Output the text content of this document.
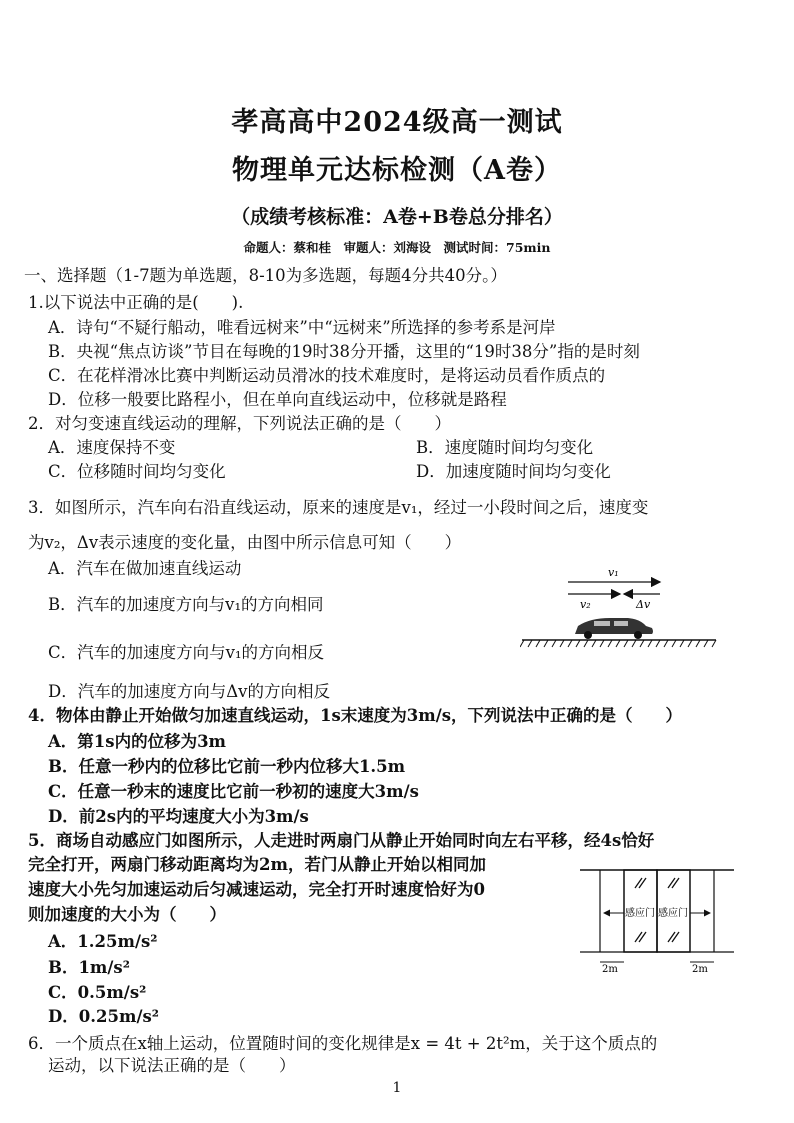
孝高高中2024级高一测试
物理单元达标检测（A卷）
（成绩考核标准：A卷+B卷总分排名）
命题人：蔡和桂　审题人：刘海设　测试时间：75min
一、选择题（1-7题为单选题，8-10为多选题，每题4分共40分。）
1.以下说法中正确的是(　　).
A．诗句“不疑行船动，唯看远树来”中“远树来”所选择的参考系是河岸
B．央视“焦点访谈”节目在每晚的19时38分开播，这里的“19时38分”指的是时刻
C．在花样滑冰比赛中判断运动员滑冰的技术难度时，是将运动员看作质点的
D．位移一般要比路程小，但在单向直线运动中，位移就是路程
2．对匀变速直线运动的理解，下列说法正确的是（　　）
A．速度保持不变	B．速度随时间均匀变化
C．位移随时间均匀变化	D．加速度随时间均匀变化
3．如图所示，汽车向右沿直线运动，原来的速度是v₁，经过一小段时间之后，速度变
为v₂，Δv表示速度的变化量，由图中所示信息可知（　　）
A．汽车在做加速直线运动
B．汽车的加速度方向与v₁的方向相同
C．汽车的加速度方向与v₁的方向相反
D．汽车的加速度方向与Δv的方向相反
v₁
v₂	Δv
4．物体由静止开始做匀加速直线运动，1s末速度为3m/s，下列说法中正确的是（　　）
A．第1s内的位移为3m
B．任意一秒内的位移比它前一秒内位移大1.5m
C．任意一秒末的速度比它前一秒初的速度大3m/s
D．前2s内的平均速度大小为3m/s
5．商场自动感应门如图所示，人走进时两扇门从静止开始同时向左右平移，经4s恰好
完全打开，两扇门移动距离均为2m，若门从静止开始以相同加
速度大小先匀加速运动后匀减速运动，完全打开时速度恰好为0
则加速度的大小为（　　）
A．1.25m/s²
B．1m/s²
C．0.5m/s²
D．0.25m/s²
感应门 感应门
2m	2m
6．一个质点在x轴上运动，位置随时间的变化规律是x = 4t + 2t²m，关于这个质点的
运动，以下说法正确的是（　　）
1
